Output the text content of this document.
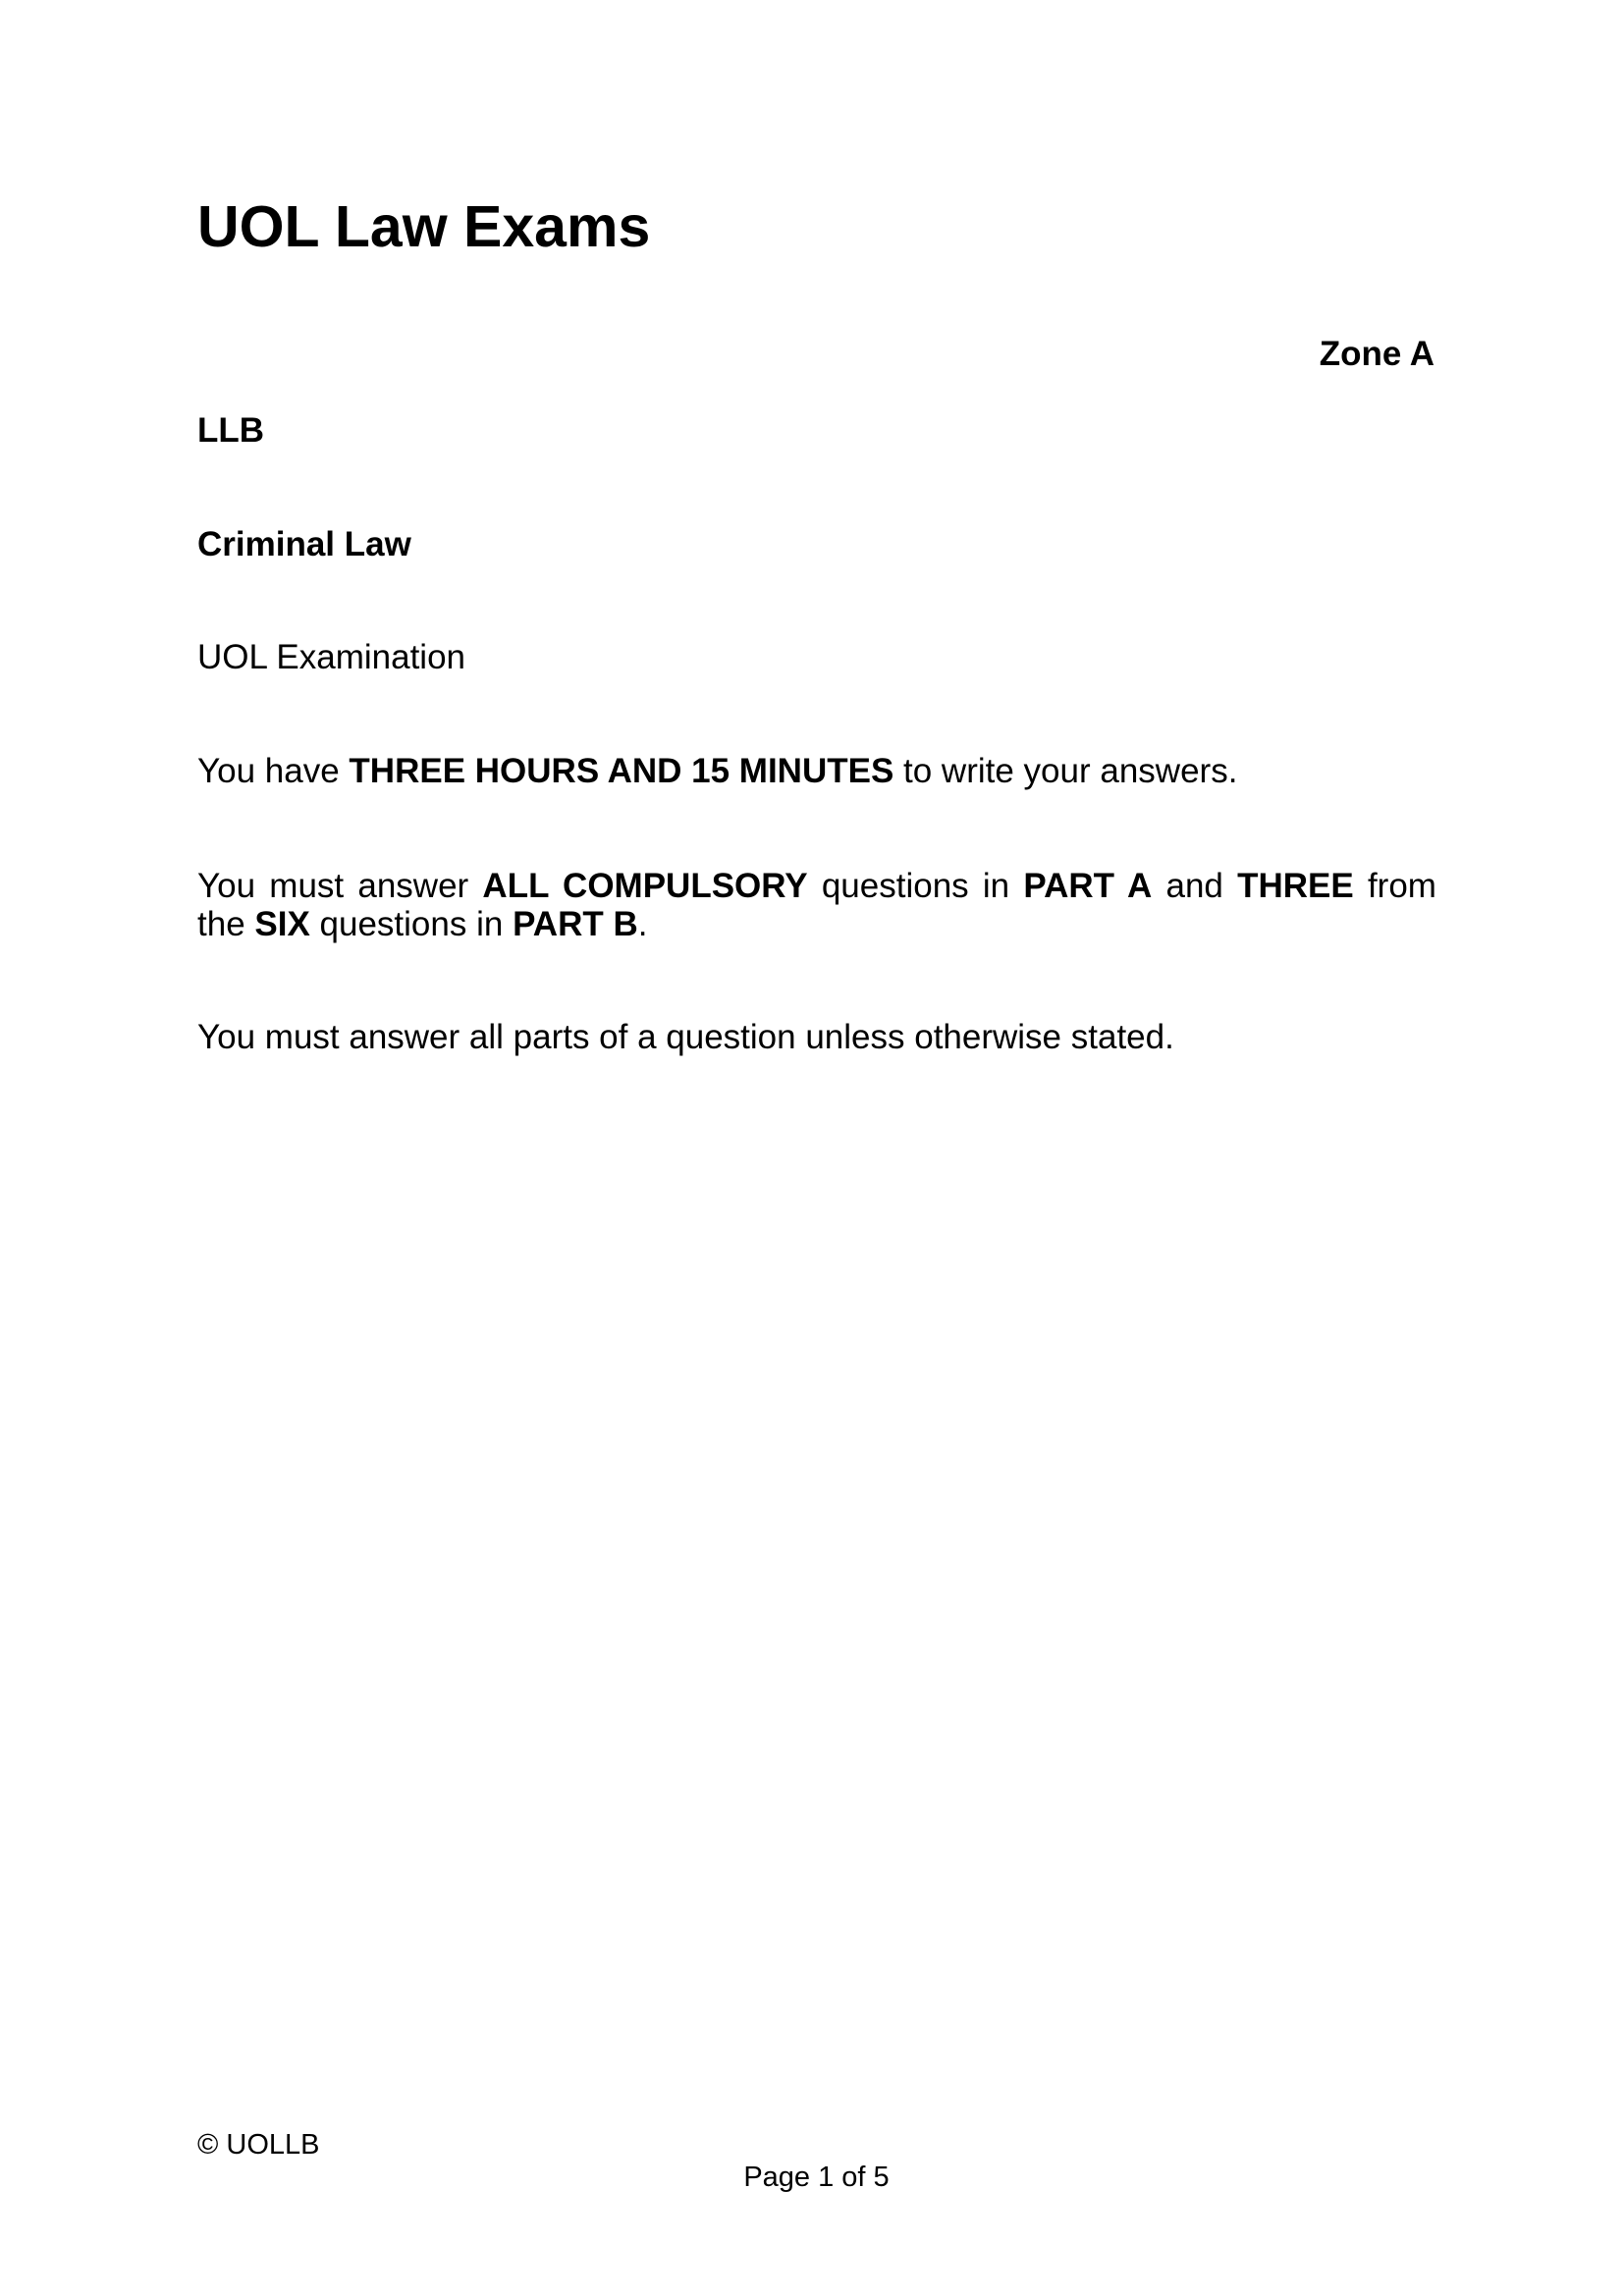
UOL Law Exams
Zone A
LLB
Criminal Law
UOL Examination
You have THREE HOURS AND 15 MINUTES to write your answers.
You must answer ALL COMPULSORY questions in PART A and THREE from the SIX questions in PART B.
You must answer all parts of a question unless otherwise stated.
© UOLLB
Page 1 of 5
